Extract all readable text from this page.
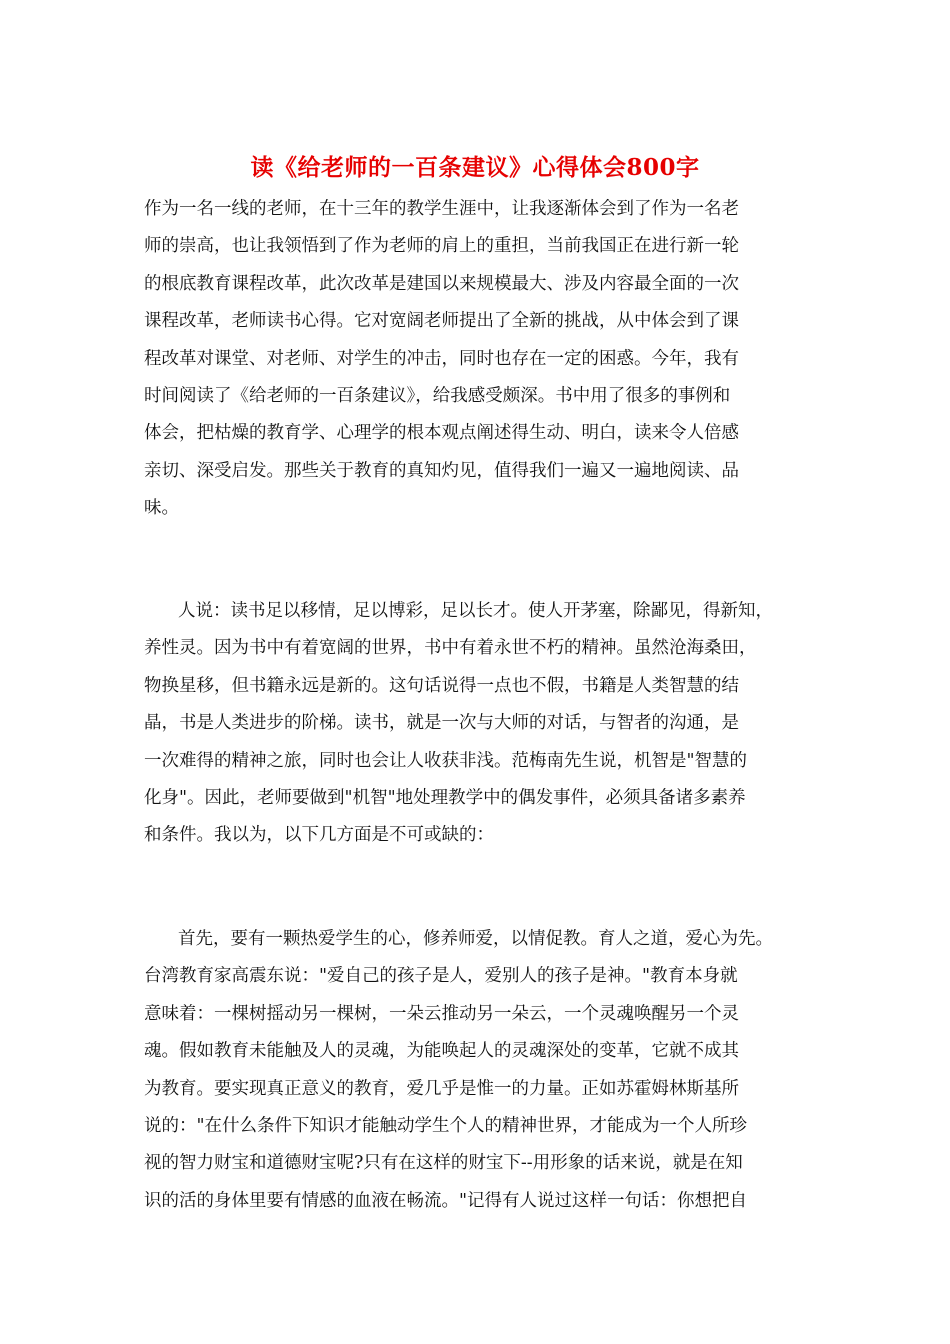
读《给老师的一百条建议》心得体会800字
作为一名一线的老师，在十三年的教学生涯中，让我逐渐体会到了作为一名老
师的崇高，也让我领悟到了作为老师的肩上的重担，当前我国正在进行新一轮
的根底教育课程改革，此次改革是建国以来规模最大、涉及内容最全面的一次
课程改革，老师读书心得。它对宽阔老师提出了全新的挑战，从中体会到了课
程改革对课堂、对老师、对学生的冲击，同时也存在一定的困惑。今年，我有
时间阅读了《给老师的一百条建议》，给我感受颇深。书中用了很多的事例和
体会，把枯燥的教育学、心理学的根本观点阐述得生动、明白，读来令人倍感
亲切、深受启发。那些关于教育的真知灼见，值得我们一遍又一遍地阅读、品
味。
人说：读书足以移情，足以博彩，足以长才。使人开茅塞，除鄙见，得新知，
养性灵。因为书中有着宽阔的世界，书中有着永世不朽的精神。虽然沧海桑田，
物换星移，但书籍永远是新的。这句话说得一点也不假，书籍是人类智慧的结
晶，书是人类进步的阶梯。读书，就是一次与大师的对话，与智者的沟通，是
一次难得的精神之旅，同时也会让人收获非浅。范梅南先生说，机智是"智慧的
化身"。因此，老师要做到"机智"地处理教学中的偶发事件，必须具备诸多素养
和条件。我以为，以下几方面是不可或缺的：
首先，要有一颗热爱学生的心，修养师爱，以情促教。育人之道，爱心为先。
台湾教育家高震东说："爱自己的孩子是人，爱别人的孩子是神。"教育本身就
意味着：一棵树摇动另一棵树，一朵云推动另一朵云，一个灵魂唤醒另一个灵
魂。假如教育未能触及人的灵魂，为能唤起人的灵魂深处的变革，它就不成其
为教育。要实现真正意义的教育，爱几乎是惟一的力量。正如苏霍姆林斯基所
说的："在什么条件下知识才能触动学生个人的精神世界，才能成为一个人所珍
视的智力财宝和道德财宝呢?只有在这样的财宝下--用形象的话来说，就是在知
识的活的身体里要有情感的血液在畅流。"记得有人说过这样一句话：你想把自
